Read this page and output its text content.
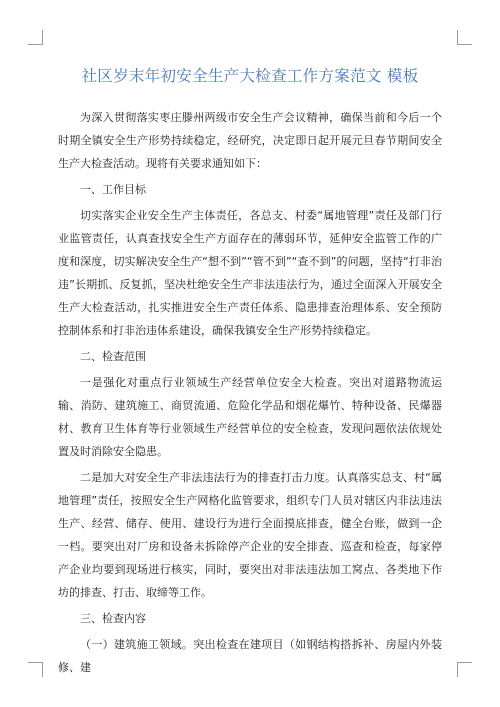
社区岁末年初安全生产大检查工作方案范文 模板

为深入贯彻落实枣庄滕州两级市安全生产会议精神，确保当前和今后一个时期全镇安全生产形势持续稳定，经研究，决定即日起开展元旦春节期间安全生产大检查活动。现将有关要求通知如下：

一、工作目标

切实落实企业安全生产主体责任，各总支、村委“属地管理”责任及部门行业监管责任，认真查找安全生产方面存在的薄弱环节，延伸安全监管工作的广度和深度，切实解决安全生产“想不到”“管不到”“查不到”的问题，坚持“打非治违”长期抓、反复抓，坚决杜绝安全生产非法违法行为，通过全面深入开展安全生产大检查活动，扎实推进安全生产责任体系、隐患排查治理体系、安全预防控制体系和打非治违体系建设，确保我镇安全生产形势持续稳定。

二、检查范围

一是强化对重点行业领域生产经营单位安全大检查。突出对道路物流运输、消防、建筑施工、商贸流通、危险化学品和烟花爆竹、特种设备、民爆器材、教育卫生体育等行业领域生产经营单位的安全检查，发现问题依法依规处置及时消除安全隐患。

二是加大对安全生产非法违法行为的排查打击力度。认真落实总支、村“属地管理”责任，按照安全生产网格化监管要求，组织专门人员对辖区内非法违法生产、经营、储存、使用、建设行为进行全面摸底排查，健全台账，做到一企一档。要突出对厂房和设备未拆除停产企业的安全排查、巡查和检查，每家停产企业均要到现场进行核实，同时，要突出对非法违法加工窝点、各类地下作坊的排查、打击、取缔等工作。

三、检查内容

（一）建筑施工领域。突出检查在建项目（如钢结构搭拆补、房屋内外装修、建
